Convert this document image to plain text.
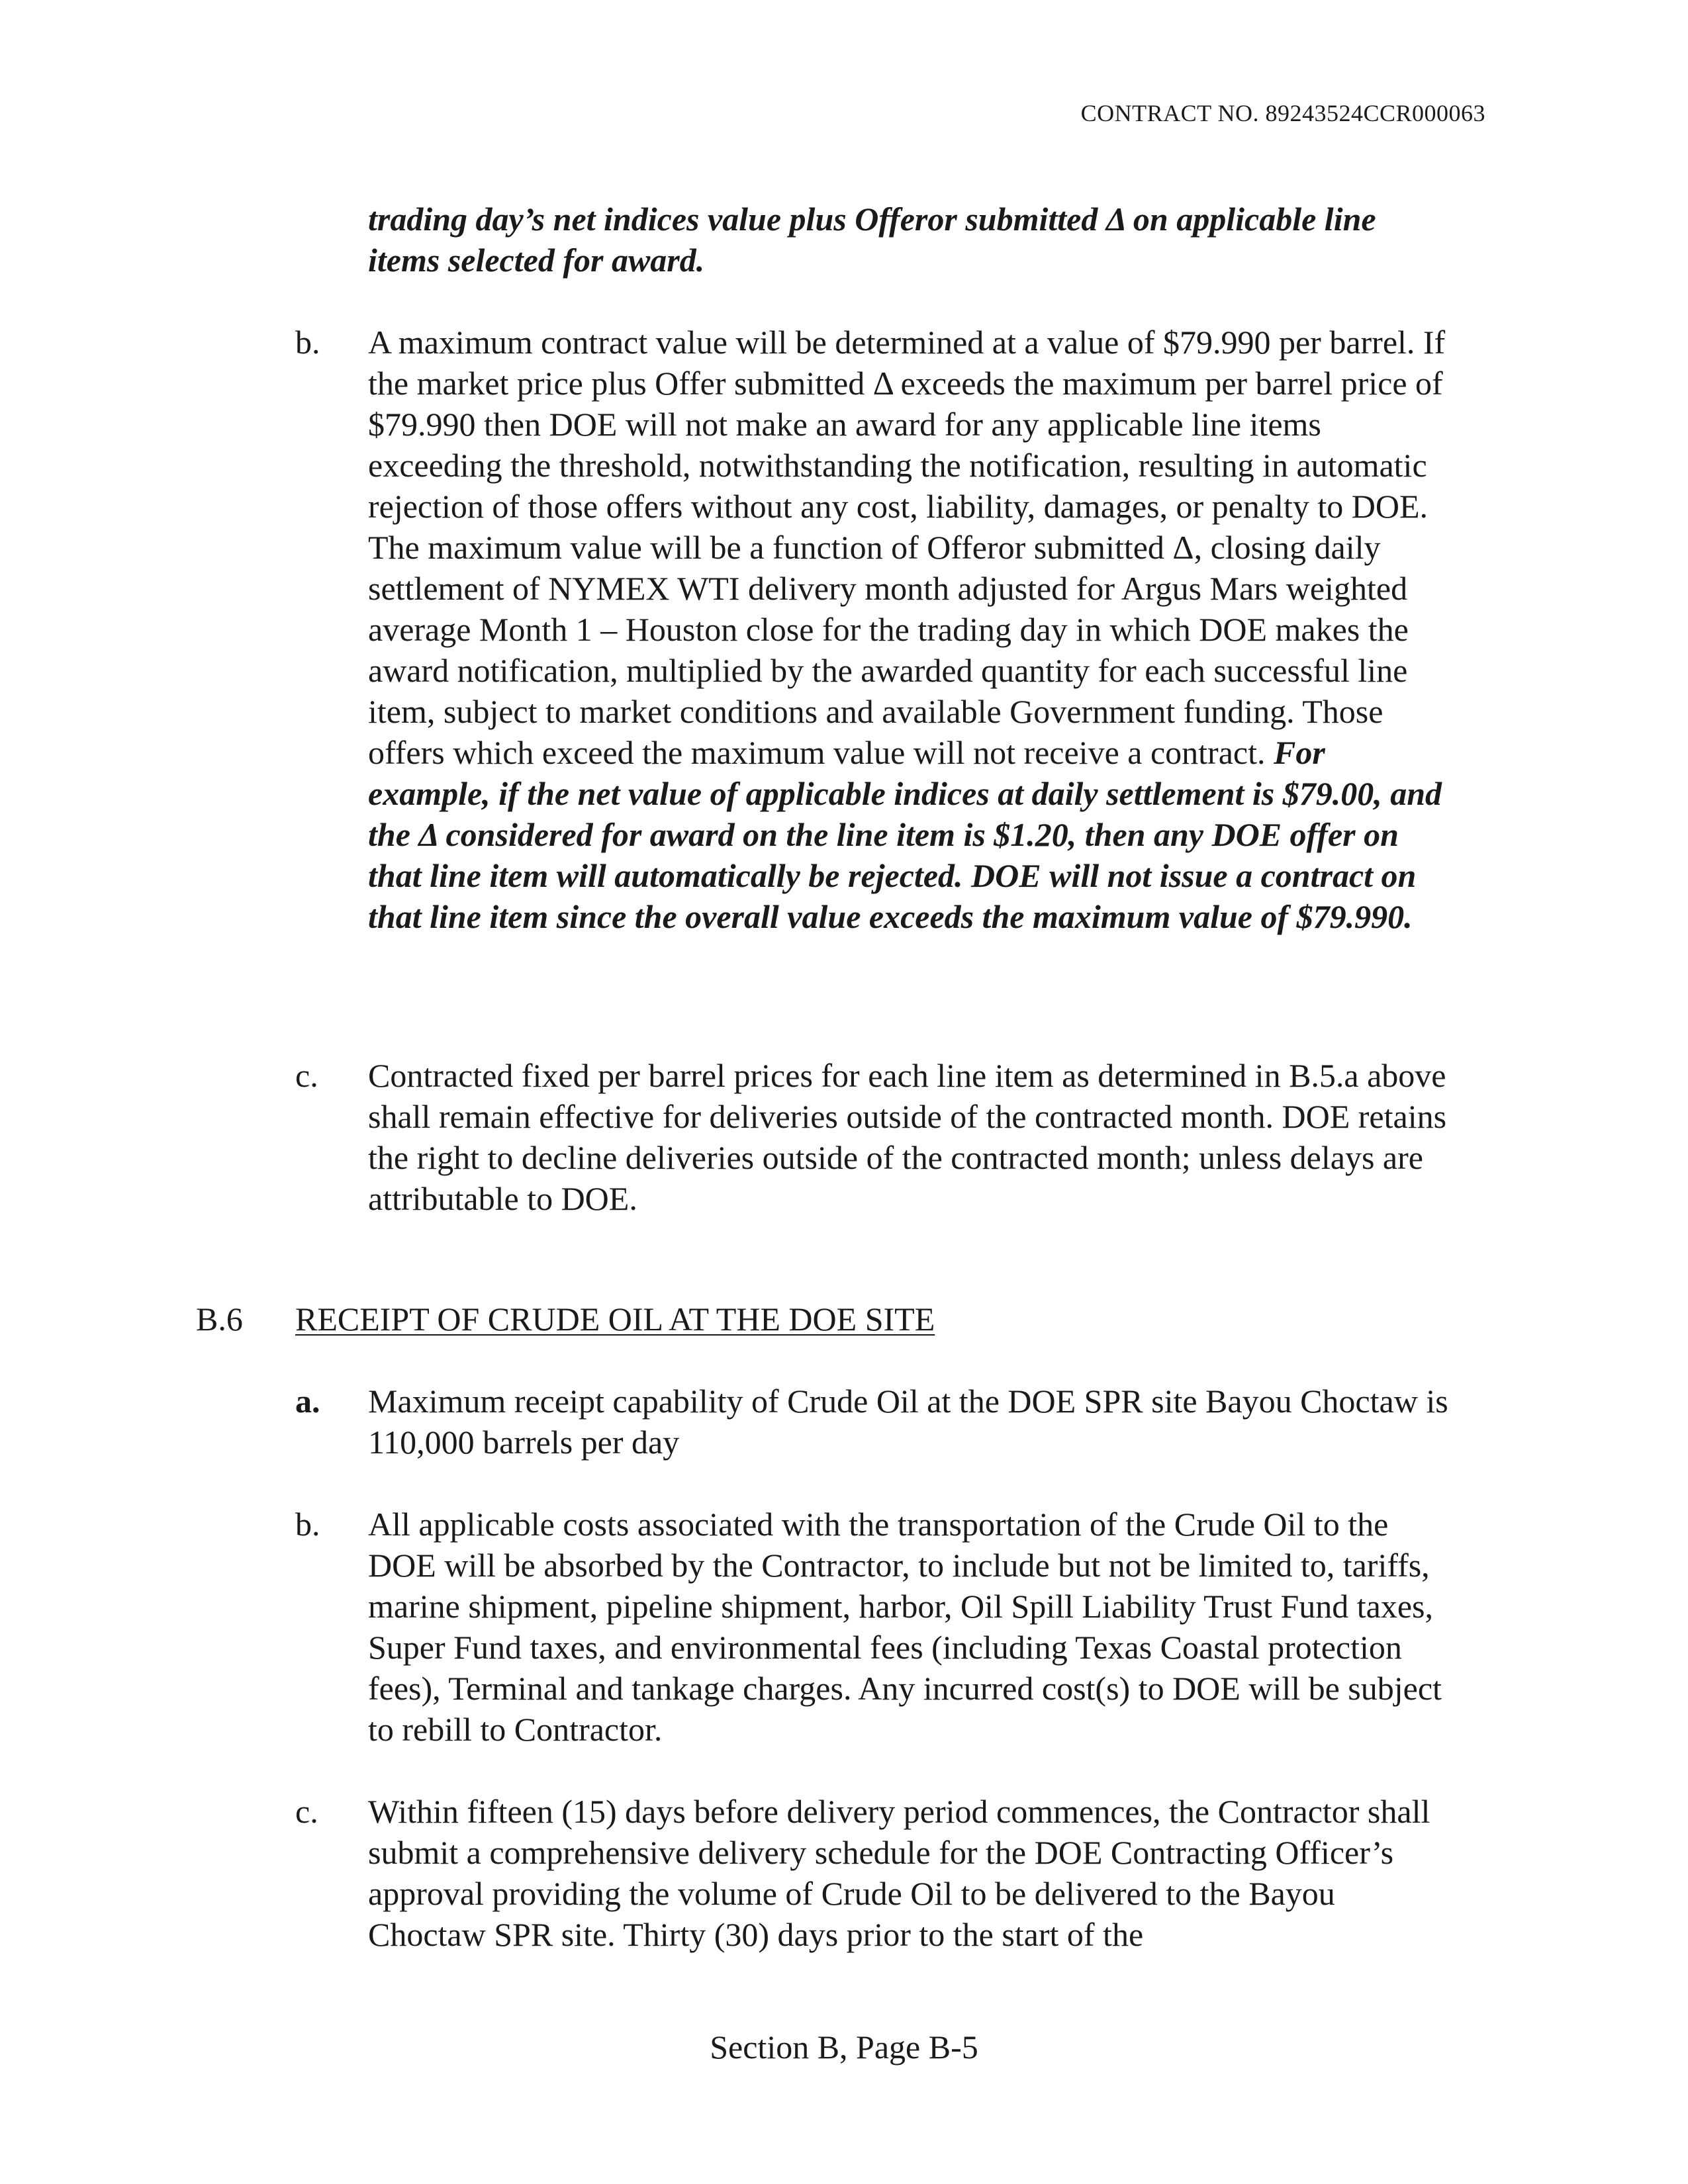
CONTRACT NO. 89243524CCR000063
trading day’s net indices value plus Offeror submitted Δ on applicable line items selected for award.
b. A maximum contract value will be determined at a value of $79.990 per barrel. If the market price plus Offer submitted Δ exceeds the maximum per barrel price of $79.990 then DOE will not make an award for any applicable line items exceeding the threshold, notwithstanding the notification, resulting in automatic rejection of those offers without any cost, liability, damages, or penalty to DOE. The maximum value will be a function of Offeror submitted Δ, closing daily settlement of NYMEX WTI delivery month adjusted for Argus Mars weighted average Month 1 – Houston close for the trading day in which DOE makes the award notification, multiplied by the awarded quantity for each successful line item, subject to market conditions and available Government funding. Those offers which exceed the maximum value will not receive a contract. For example, if the net value of applicable indices at daily settlement is $79.00, and the Δ considered for award on the line item is $1.20, then any DOE offer on that line item will automatically be rejected. DOE will not issue a contract on that line item since the overall value exceeds the maximum value of $79.990.
c. Contracted fixed per barrel prices for each line item as determined in B.5.a above shall remain effective for deliveries outside of the contracted month. DOE retains the right to decline deliveries outside of the contracted month; unless delays are attributable to DOE.
B.6 RECEIPT OF CRUDE OIL AT THE DOE SITE
a. Maximum receipt capability of Crude Oil at the DOE SPR site Bayou Choctaw is 110,000 barrels per day
b. All applicable costs associated with the transportation of the Crude Oil to the DOE will be absorbed by the Contractor, to include but not be limited to, tariffs, marine shipment, pipeline shipment, harbor, Oil Spill Liability Trust Fund taxes, Super Fund taxes, and environmental fees (including Texas Coastal protection fees), Terminal and tankage charges. Any incurred cost(s) to DOE will be subject to rebill to Contractor.
c. Within fifteen (15) days before delivery period commences, the Contractor shall submit a comprehensive delivery schedule for the DOE Contracting Officer’s approval providing the volume of Crude Oil to be delivered to the Bayou Choctaw SPR site. Thirty (30) days prior to the start of the
Section B, Page B-5
